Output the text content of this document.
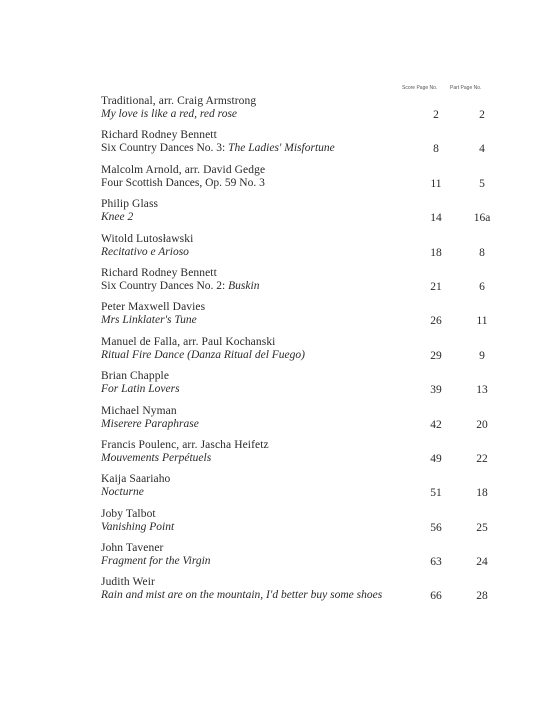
Score Page No.	Part Page No.
Traditional, arr. Craig Armstrong
My love is like a red, red rose	2	2
Richard Rodney Bennett
Six Country Dances No. 3: The Ladies' Misfortune	8	4
Malcolm Arnold, arr. David Gedge
Four Scottish Dances, Op. 59 No. 3	11	5
Philip Glass
Knee 2	14	16a
Witold Lutosławski
Recitativo e Arioso	18	8
Richard Rodney Bennett
Six Country Dances No. 2: Buskin	21	6
Peter Maxwell Davies
Mrs Linklater's Tune	26	11
Manuel de Falla, arr. Paul Kochanski
Ritual Fire Dance (Danza Ritual del Fuego)	29	9
Brian Chapple
For Latin Lovers	39	13
Michael Nyman
Miserere Paraphrase	42	20
Francis Poulenc, arr. Jascha Heifetz
Mouvements Perpétuels	49	22
Kaija Saariaho
Nocturne	51	18
Joby Talbot
Vanishing Point	56	25
John Tavener
Fragment for the Virgin	63	24
Judith Weir
Rain and mist are on the mountain, I'd better buy some shoes	66	28
